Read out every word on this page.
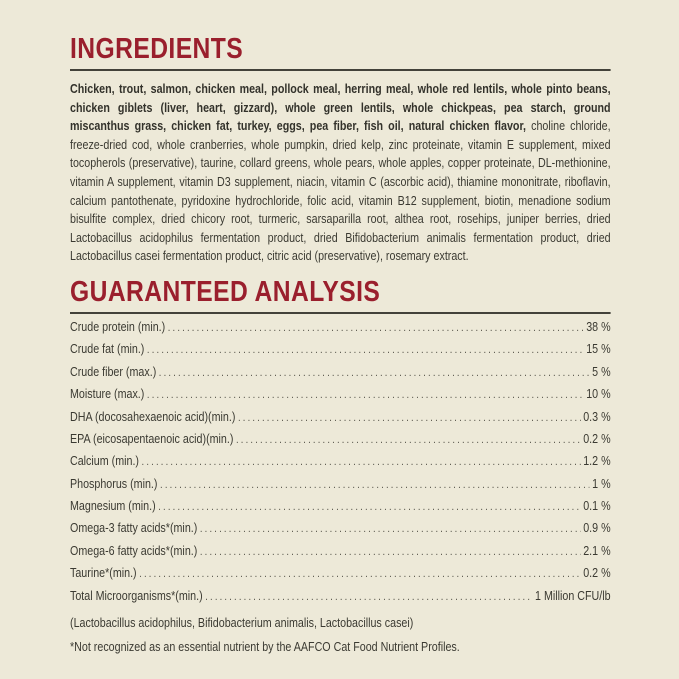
INGREDIENTS

Chicken, trout, salmon, chicken meal, pollock meal, herring meal, whole red lentils, whole pinto beans, chicken giblets (liver, heart, gizzard), whole green lentils, whole chickpeas, pea starch, ground miscanthus grass, chicken fat, turkey, eggs, pea fiber, fish oil, natural chicken flavor, choline chloride, freeze-dried cod, whole cranberries, whole pumpkin, dried kelp, zinc proteinate, vitamin E supplement, mixed tocopherols (preservative), taurine, collard greens, whole pears, whole apples, copper proteinate, DL-methionine, vitamin A supplement, vitamin D3 supplement, niacin, vitamin C (ascorbic acid), thiamine mononitrate, riboflavin, calcium pantothenate, pyridoxine hydrochloride, folic acid, vitamin B12 supplement, biotin, menadione sodium bisulfite complex, dried chicory root, turmeric, sarsaparilla root, althea root, rosehips, juniper berries, dried Lactobacillus acidophilus fermentation product, dried Bifidobacterium animalis fermentation product, dried Lactobacillus casei fermentation product, citric acid (preservative), rosemary extract.

GUARANTEED ANALYSIS
Crude protein (min.) .....	38 %
Crude fat (min.) .....	15 %
Crude fiber (max.) .....	5 %
Moisture (max.) .....	10 %
DHA (docosahexaenoic acid)(min.) .....	0.3 %
EPA (eicosapentaenoic acid)(min.) .....	0.2 %
Calcium (min.) .....	1.2 %
Phosphorus (min.) .....	1 %
Magnesium (min.) .....	0.1 %
Omega-3 fatty acids*(min.) .....	0.9 %
Omega-6 fatty acids*(min.) .....	2.1 %
Taurine*(min.) .....	0.2 %
Total Microorganisms*(min.) .....	1 Million CFU/lb

(Lactobacillus acidophilus, Bifidobacterium animalis, Lactobacillus casei)

*Not recognized as an essential nutrient by the AAFCO Cat Food Nutrient Profiles.
